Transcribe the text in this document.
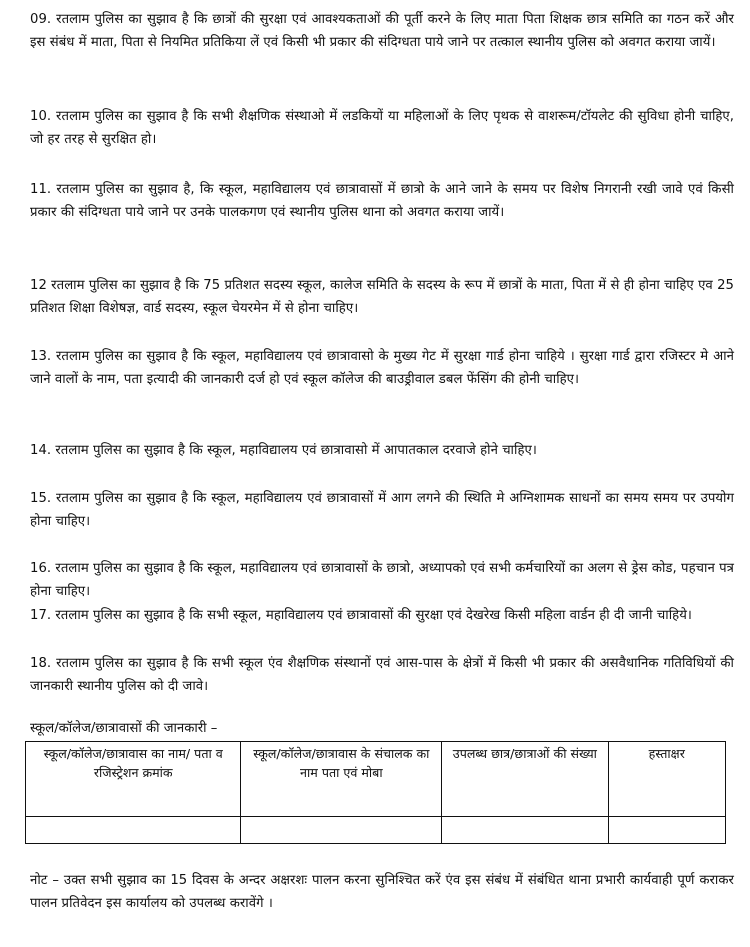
09. रतलाम पुलिस का सुझाव है कि छात्रों की सुरक्षा एवं आवश्यकताओं की पूर्ती करने के लिए माता पिता शिक्षक छात्र समिति का गठन करें और इस संबंध में माता, पिता से नियमित प्रतिकिया लें एवं किसी भी प्रकार की संदिग्धता पाये जाने पर तत्काल स्थानीय पुलिस को अवगत कराया जायें।

10. रतलाम पुलिस का सुझाव है कि सभी शैक्षणिक संस्थाओ में लडकियों या महिलाओं के लिए पृथक से वाशरूम/टॉयलेट की सुविधा होनी चाहिए, जो हर तरह से सुरक्षित हो।

11. रतलाम पुलिस का सुझाव है, कि स्कूल, महाविद्यालय एवं छात्रावासों में छात्रो के आने जाने के समय पर विशेष निगरानी रखी जावे एवं किसी प्रकार की संदिग्धता पाये जाने पर उनके पालकगण एवं स्थानीय पुलिस थाना को अवगत कराया जायें।

12 रतलाम पुलिस का सुझाव है कि 75 प्रतिशत सदस्य स्कूल, कालेज समिति के सदस्य के रूप में छात्रों के माता, पिता में से ही होना चाहिए एव 25 प्रतिशत शिक्षा विशेषज्ञ, वार्ड सदस्य, स्कूल चेयरमेन में से होना चाहिए।

13. रतलाम पुलिस का सुझाव है कि स्कूल, महाविद्यालय एवं छात्रावासो के मुख्य गेट में सुरक्षा गार्ड होना चाहिये । सुरक्षा गार्ड द्वारा रजिस्टर मे आने जाने वालों के नाम, पता इत्यादी की जानकारी दर्ज हो एवं स्कूल कॉलेज की बाउड्रीवाल डबल फेंसिंग की होनी चाहिए।

14. रतलाम पुलिस का सुझाव है कि स्कूल, महाविद्यालय एवं छात्रावासो में आपातकाल दरवाजे होने चाहिए।

15. रतलाम पुलिस का सुझाव है कि स्कूल, महाविद्यालय एवं छात्रावासों में आग लगने की स्थिति मे अग्निशामक साधनों का समय समय पर उपयोग होना चाहिए।

16. रतलाम पुलिस का सुझाव है कि स्कूल, महाविद्यालय एवं छात्रावासों के छात्रो, अध्यापको एवं सभी कर्मचारियों का अलग से ड्रेस कोड, पहचान पत्र होना चाहिए।

17. रतलाम पुलिस का सुझाव है कि सभी स्कूल, महाविद्यालय एवं छात्रावासों की सुरक्षा एवं देखरेख किसी महिला वार्डन ही दी जानी चाहिये।

18. रतलाम पुलिस का सुझाव है कि सभी स्कूल एंव शैक्षणिक संस्थानों एवं आस-पास के क्षेत्रों में किसी भी प्रकार की असवैधानिक गतिविधियों की जानकारी स्थानीय पुलिस को दी जावे।

स्कूल/कॉलेज/छात्रावासों की जानकारी –
स्कूल/कॉलेज/छात्रावास का नाम/ पता व रजिस्ट्रेशन क्रमांक	स्कूल/कॉलेज/छात्रावास के संचालक का नाम पता एवं मोबा	उपलब्ध छात्र/छात्राओं की संख्या	हस्ताक्षर

नोट – उक्त सभी सुझाव का 15 दिवस के अन्दर अक्षरशः पालन करना सुनिश्चित करें एंव इस संबंध में संबंधित थाना प्रभारी कार्यवाही पूर्ण कराकर पालन प्रतिवेदन इस कार्यालय को उपलब्ध करावेंगे ।
